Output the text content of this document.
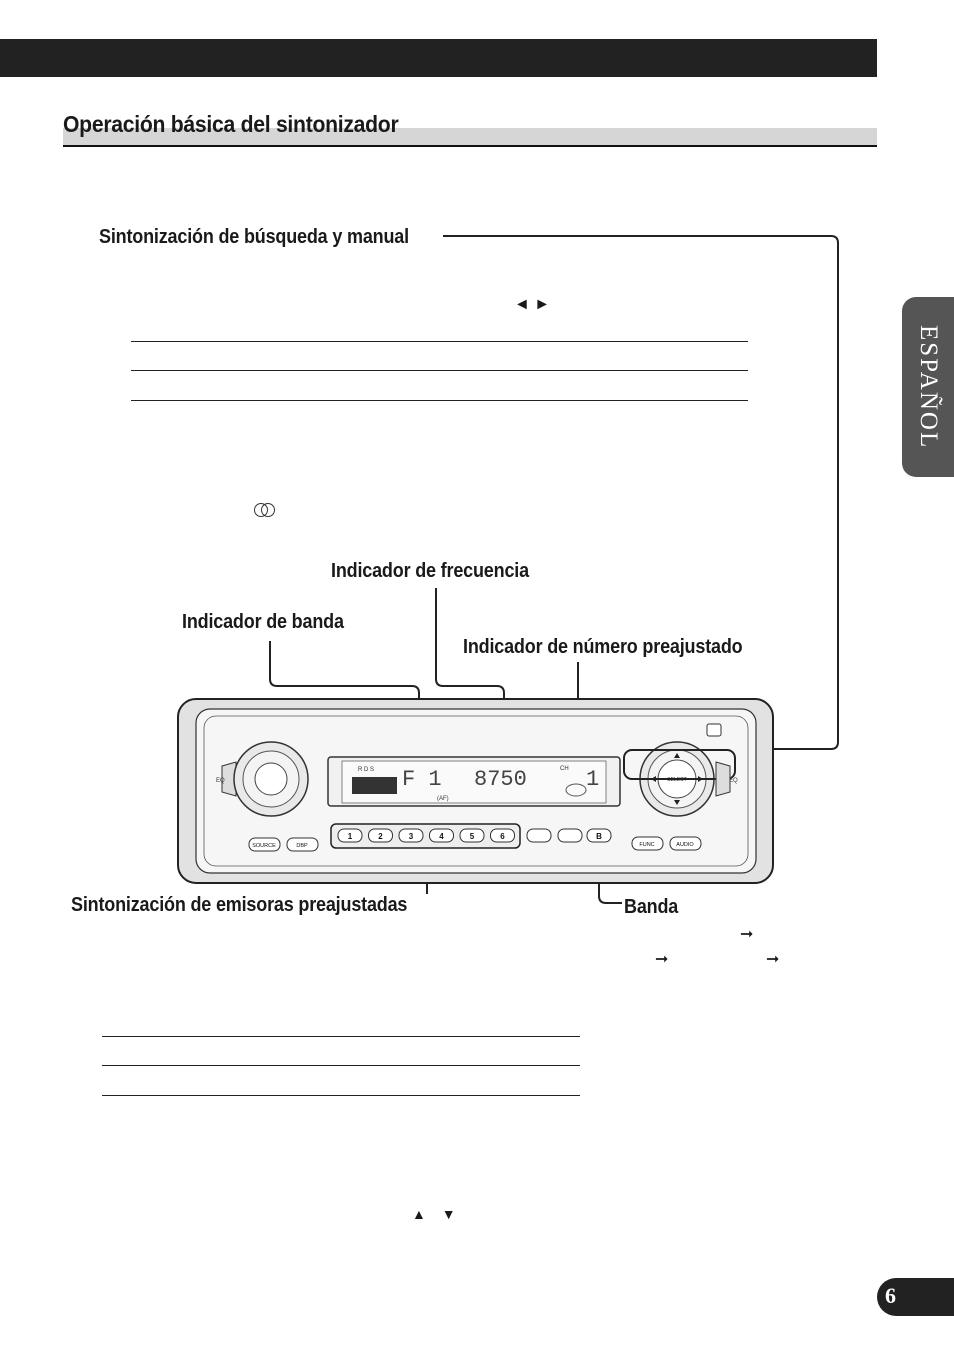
Operación básica del sintonizador
ESPAÑOL
6
Sintonización de búsqueda y manual
Indicador de frecuencia
Indicador de banda
Indicador de número preajustado
Sintonización de emisoras preajustadas	Banda
◄ ►
▲ ▼
➞
➞	➞
EQ
R D S F 1 8750	CH 1
(AF)
1	2	3	4	5	6	B
SOURCE	DBP	FUNC	AUDIO
SELECT	EQ
